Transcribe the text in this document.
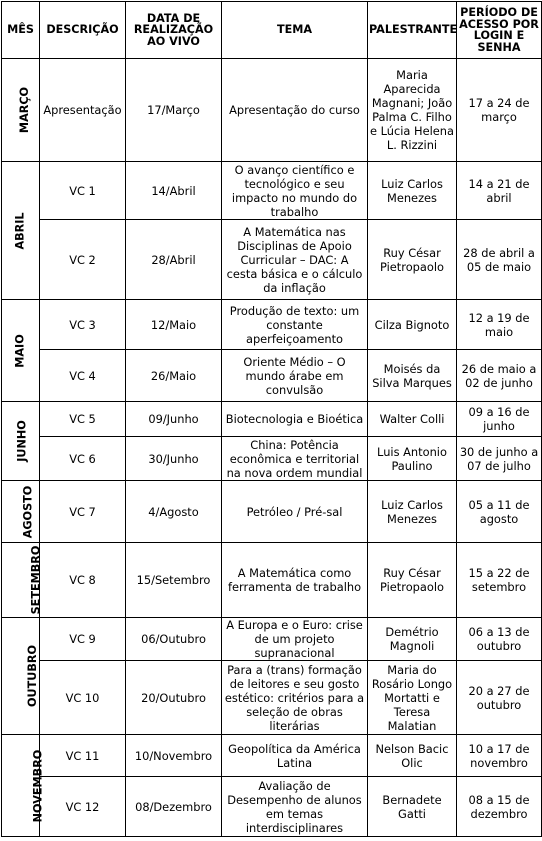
MÊS	DESCRIÇÃO	DATA DE REALIZAÇÃO AO VIVO	TEMA	PALESTRANTE	PERÍODO DE ACESSO POR LOGIN E SENHA
MARÇO	Apresentação	17/Março	Apresentação do curso	Maria Aparecida Magnani; João Palma C. Filho e Lúcia Helena L. Rizzini	17 a 24 de março
ABRIL	VC 1	14/Abril	O avanço científico e tecnológico e seu impacto no mundo do trabalho	Luiz Carlos Menezes	14 a 21 de abril
	VC 2	28/Abril	A Matemática nas Disciplinas de Apoio Curricular – DAC: A cesta básica e o cálculo da inflação	Ruy César Pietropaolo	28 de abril a 05 de maio
MAIO	VC 3	12/Maio	Produção de texto: um constante aperfeiçoamento	Cilza Bignoto	12 a 19 de maio
	VC 4	26/Maio	Oriente Médio – O mundo árabe em convulsão	Moisés da Silva Marques	26 de maio a 02 de junho
JUNHO	VC 5	09/Junho	Biotecnologia e Bioética	Walter Colli	09 a 16 de junho
	VC 6	30/Junho	China: Potência econômica e territorial na nova ordem mundial	Luis Antonio Paulino	30 de junho a 07 de julho
AGOSTO	VC 7	4/Agosto	Petróleo / Pré-sal	Luiz Carlos Menezes	05 a 11 de agosto
SETEMBRO	VC 8	15/Setembro	A Matemática como ferramenta de trabalho	Ruy César Pietropaolo	15 a 22 de setembro
OUTUBRO	VC 9	06/Outubro	A Europa e o Euro: crise de um projeto supranacional	Demétrio Magnoli	06 a 13 de outubro
	VC 10	20/Outubro	Para a (trans) formação de leitores e seu gosto estético: critérios para a seleção de obras literárias	Maria do Rosário Longo Mortatti e Teresa Malatian	20 a 27 de outubro
NOVEMBRO	VC 11	10/Novembro	Geopolítica da América Latina	Nelson Bacic Olic	10 a 17 de novembro
	VC 12	08/Dezembro	Avaliação de Desempenho de alunos em temas interdisciplinares	Bernadete Gatti	08 a 15 de dezembro
